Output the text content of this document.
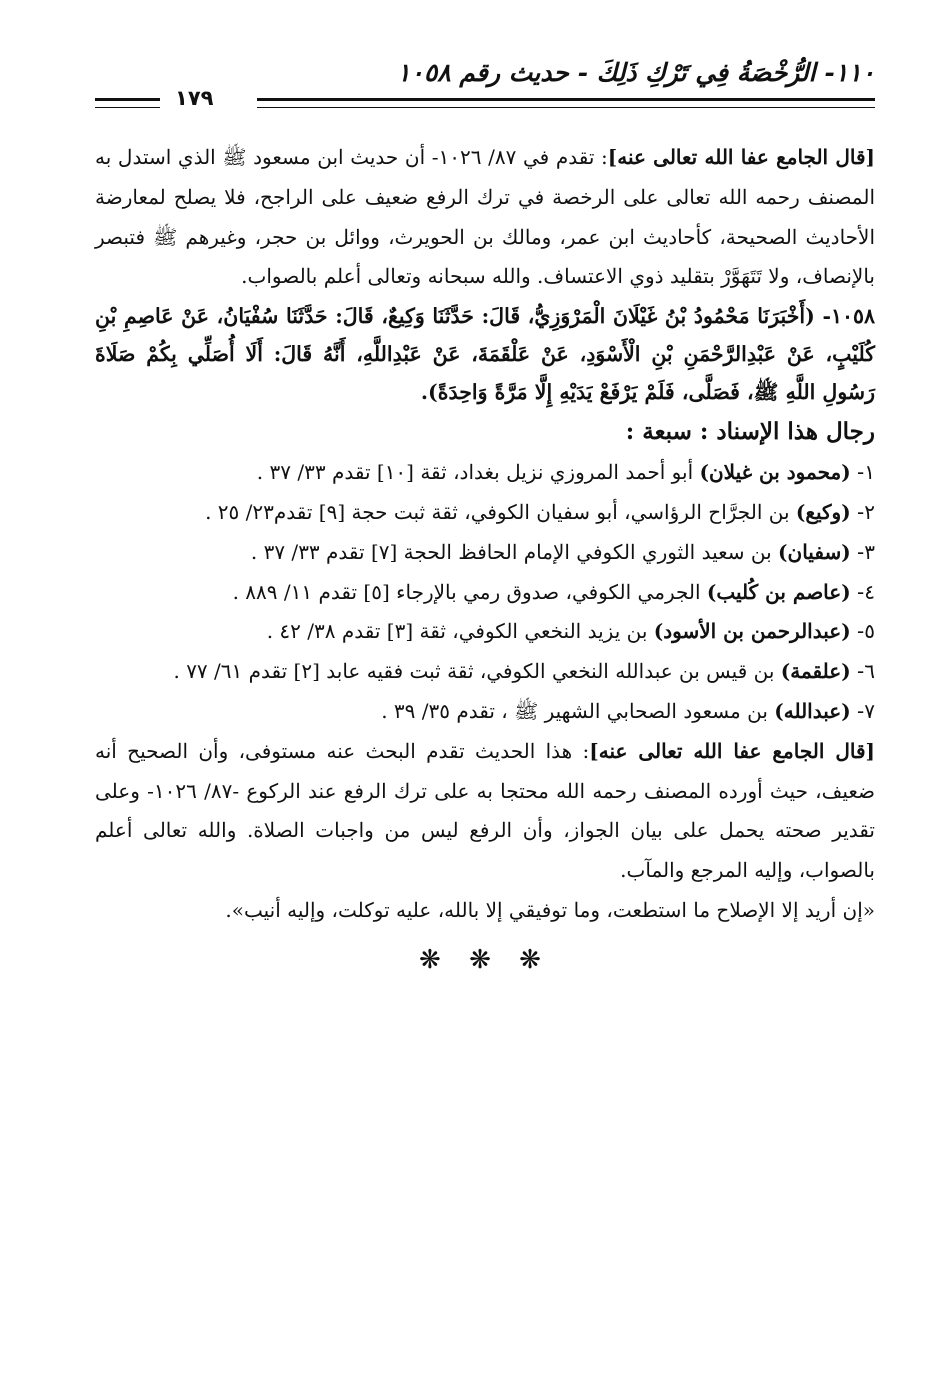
١١٠- الرُّخْصَةُ فِي تَرْكِ ذَلِكَ - حديث رقم ١٠٥٨
١٧٩

[قال الجامع عفا الله تعالى عنه]: تقدم في ٨٧/ ١٠٢٦- أن حديث ابن مسعود ﷺ الذي استدل به المصنف رحمه الله تعالى على الرخصة في ترك الرفع ضعيف على الراجح، فلا يصلح لمعارضة الأحاديث الصحيحة، كأحاديث ابن عمر، ومالك بن الحويرث، ووائل بن حجر، وغيرهم ﷺ فتبصر بالإنصاف، ولا تَتَهَوَّرْ بتقليد ذوي الاعتساف. والله سبحانه وتعالى أعلم بالصواب.

١٠٥٨- (أَخْبَرَنَا مَحْمُودُ بْنُ غَيْلَانَ الْمَرْوَزِيُّ، قَالَ: حَدَّثَنَا وَكِيعٌ، قَالَ: حَدَّثَنَا سُفْيَانُ، عَنْ عَاصِمِ بْنِ كُلَيْبٍ، عَنْ عَبْدِالرَّحْمَنِ بْنِ الْأَسْوَدِ، عَنْ عَلْقَمَةَ، عَنْ عَبْدِاللَّهِ، أَنَّهُ قَالَ: أَلَا أُصَلِّي بِكُمْ صَلَاةَ رَسُولِ اللَّهِ ﷺ، فَصَلَّى، فَلَمْ يَرْفَعْ يَدَيْهِ إِلَّا مَرَّةً وَاحِدَةً).

رجال هذا الإسناد : سبعة :

١- (محمود بن غيلان) أبو أحمد المروزي نزيل بغداد، ثقة [١٠] تقدم ٣٣/ ٣٧ .

٢- (وكيع) بن الجرَّاح الرؤاسي، أبو سفيان الكوفي، ثقة ثبت حجة [٩] تقدم٢٣/ ٢٥ .

٣- (سفيان) بن سعيد الثوري الكوفي الإمام الحافظ الحجة [٧] تقدم ٣٣/ ٣٧ .

٤- (عاصم بن كُليب) الجرمي الكوفي، صدوق رمي بالإرجاء [٥] تقدم ١١/ ٨٨٩ .

٥- (عبدالرحمن بن الأسود) بن يزيد النخعي الكوفي، ثقة [٣] تقدم ٣٨/ ٤٢ .

٦- (علقمة) بن قيس بن عبدالله النخعي الكوفي، ثقة ثبت فقيه عابد [٢] تقدم ٦١/ ٧٧ .

٧- (عبدالله) بن مسعود الصحابي الشهير ﷺ ، تقدم ٣٥/ ٣٩ .

[قال الجامع عفا الله تعالى عنه]: هذا الحديث تقدم البحث عنه مستوفى، وأن الصحيح أنه ضعيف، حيث أورده المصنف رحمه الله محتجا به على ترك الرفع عند الركوع -٨٧/ ١٠٢٦- وعلى تقدير صحته يحمل على بيان الجواز، وأن الرفع ليس من واجبات الصلاة. والله تعالى أعلم بالصواب، وإليه المرجع والمآب.

«إن أريد إلا الإصلاح ما استطعت، وما توفيقي إلا بالله، عليه توكلت، وإليه أنيب».

❋ ❋ ❋
